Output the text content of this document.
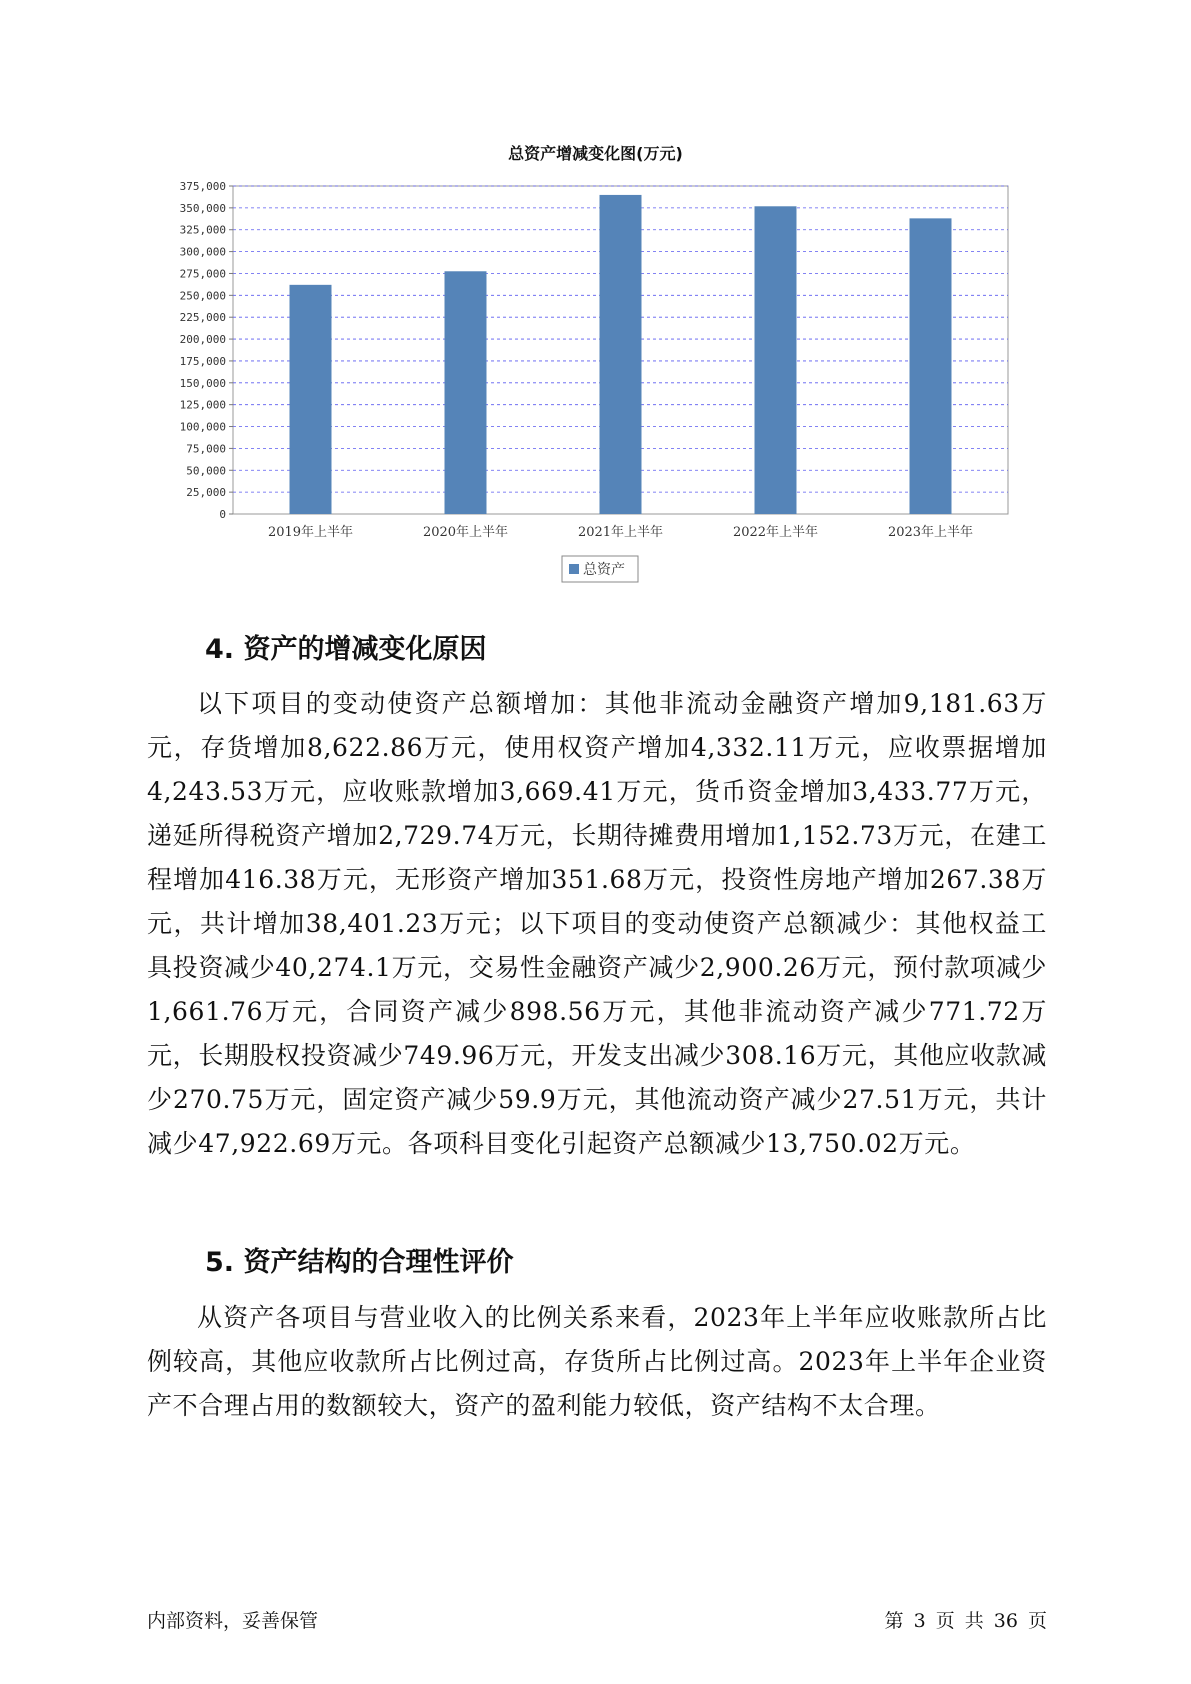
总资产增减变化图(万元)
0
25,000
50,000
75,000
100,000
125,000
150,000
175,000
200,000
225,000
250,000
275,000
300,000
325,000
350,000
375,000
2019年上半年	2020年上半年	2021年上半年	2022年上半年	2023年上半年
总资产
4. 资产的增减变化原因

以下项目的变动使资产总额增加：其他非流动金融资产增加9,181.63万元，存货增加8,622.86万元，使用权资产增加4,332.11万元，应收票据增加4,243.53万元，应收账款增加3,669.41万元，货币资金增加3,433.77万元，递延所得税资产增加2,729.74万元，长期待摊费用增加1,152.73万元，在建工程增加416.38万元，无形资产增加351.68万元，投资性房地产增加267.38万元，共计增加38,401.23万元；以下项目的变动使资产总额减少：其他权益工具投资减少40,274.1万元，交易性金融资产减少2,900.26万元，预付款项减少1,661.76万元，合同资产减少898.56万元，其他非流动资产减少771.72万元，长期股权投资减少749.96万元，开发支出减少308.16万元，其他应收款减少270.75万元，固定资产减少59.9万元，其他流动资产减少27.51万元，共计减少47,922.69万元。各项科目变化引起资产总额减少13,750.02万元。

5. 资产结构的合理性评价

从资产各项目与营业收入的比例关系来看，2023年上半年应收账款所占比例较高，其他应收款所占比例过高，存货所占比例过高。2023年上半年企业资产不合理占用的数额较大，资产的盈利能力较低，资产结构不太合理。

内部资料，妥善保管	第 3 页 共 36 页
